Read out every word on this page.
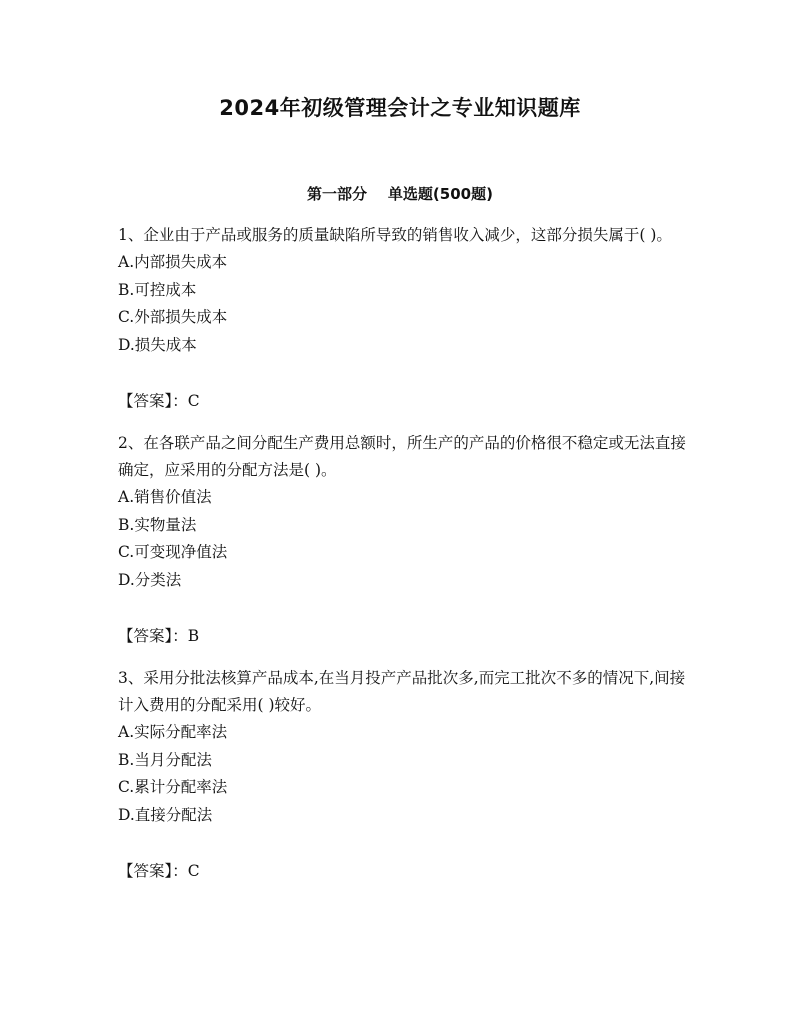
2024年初级管理会计之专业知识题库
第一部分    单选题(500题)

1、企业由于产品或服务的质量缺陷所导致的销售收入减少，这部分损失属于( )。

A.内部损失成本

B.可控成本

C.外部损失成本

D.损失成本

【答案】：C

2、在各联产品之间分配生产费用总额时，所生产的产品的价格很不稳定或无法直接确定，应采用的分配方法是( )。

A.销售价值法

B.实物量法

C.可变现净值法

D.分类法

【答案】：B

3、采用分批法核算产品成本,在当月投产产品批次多,而完工批次不多的情况下,间接计入费用的分配采用( )较好。

A.实际分配率法

B.当月分配法

C.累计分配率法

D.直接分配法

【答案】：C
